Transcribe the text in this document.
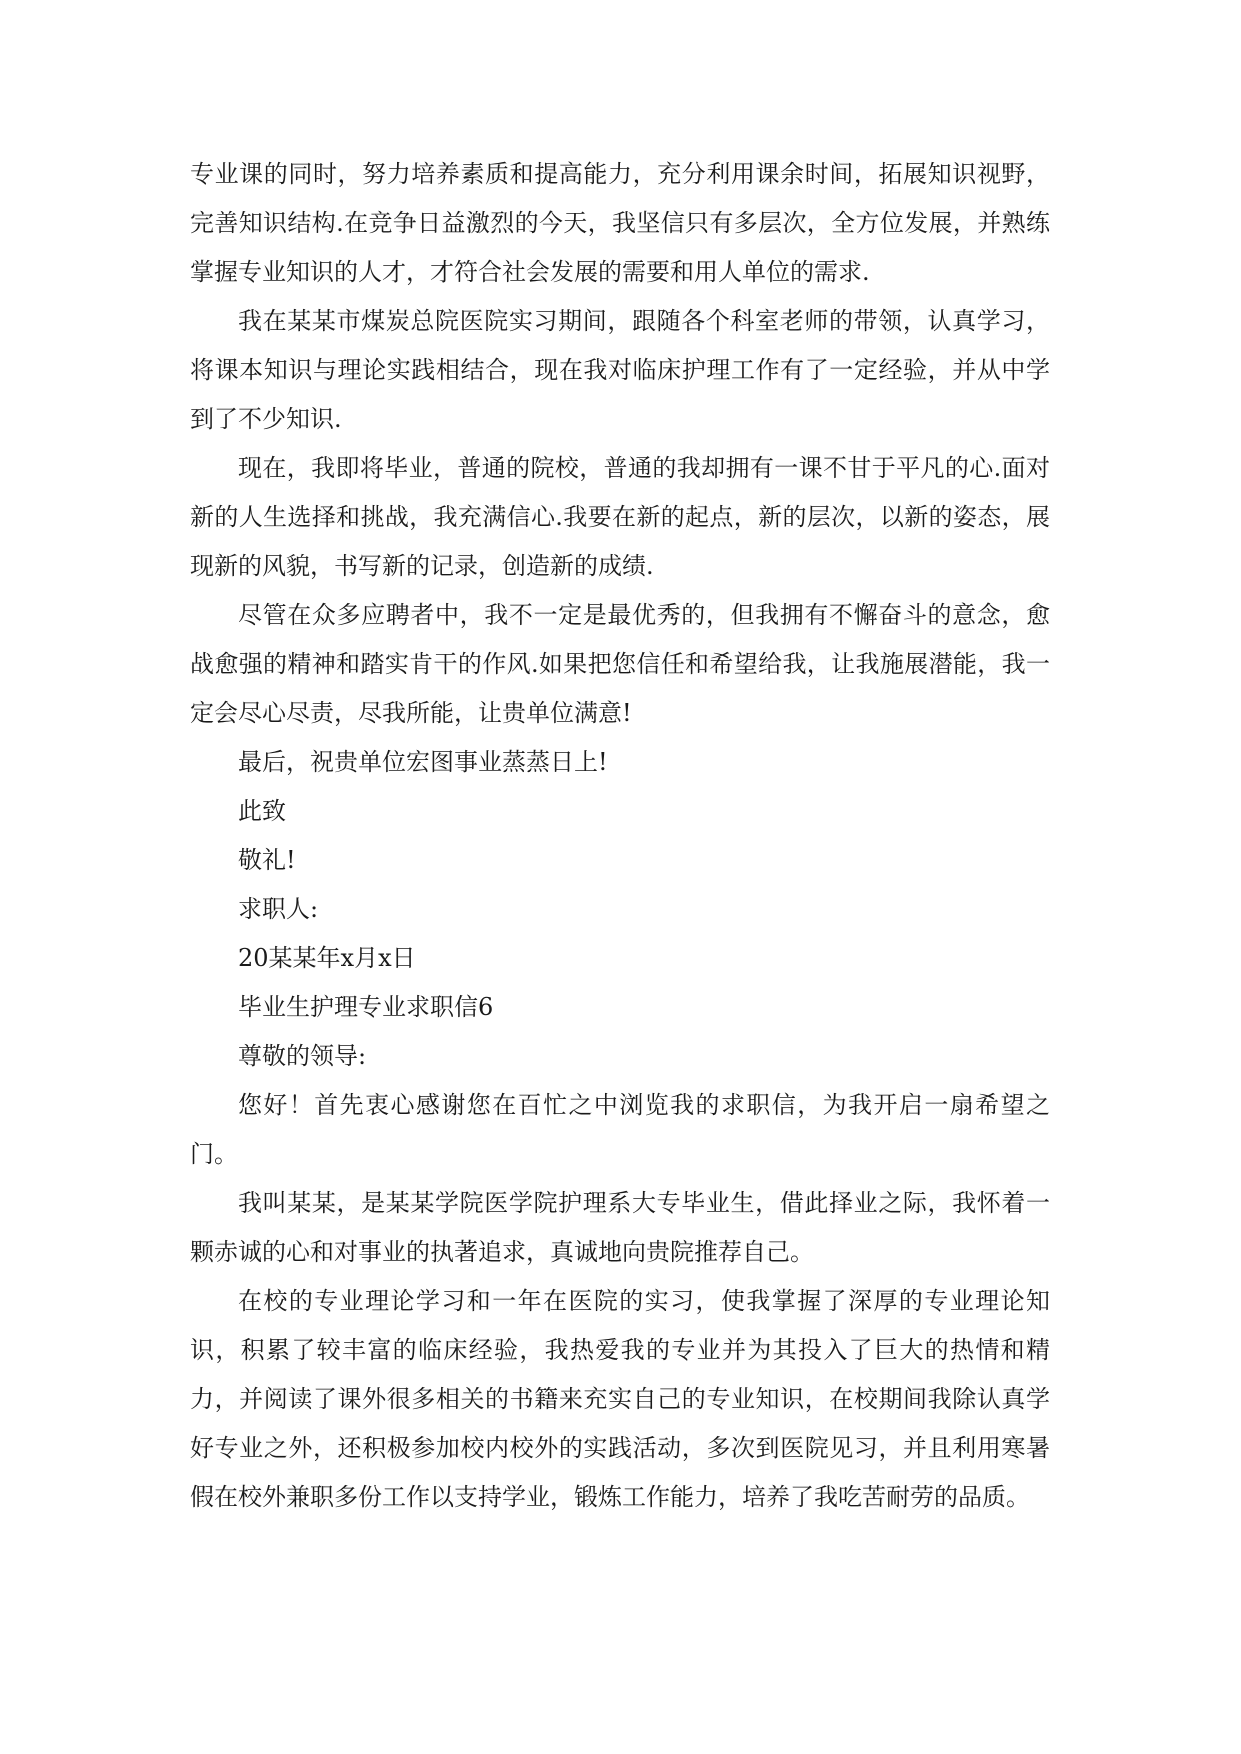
专业课的同时，努力培养素质和提高能力，充分利用课余时间，拓展知识视野，完善知识结构.在竞争日益激烈的今天，我坚信只有多层次，全方位发展，并熟练掌握专业知识的人才，才符合社会发展的需要和用人单位的需求.

我在某某市煤炭总院医院实习期间，跟随各个科室老师的带领，认真学习，将课本知识与理论实践相结合，现在我对临床护理工作有了一定经验，并从中学到了不少知识.

现在，我即将毕业，普通的院校，普通的我却拥有一课不甘于平凡的心.面对新的人生选择和挑战，我充满信心.我要在新的起点，新的层次，以新的姿态，展现新的风貌，书写新的记录，创造新的成绩.

尽管在众多应聘者中，我不一定是最优秀的，但我拥有不懈奋斗的意念，愈战愈强的精神和踏实肯干的作风.如果把您信任和希望给我，让我施展潜能，我一定会尽心尽责，尽我所能，让贵单位满意!

最后，祝贵单位宏图事业蒸蒸日上!

此致

敬礼!

求职人:

20某某年x月x日

毕业生护理专业求职信6

尊敬的领导:

您好！首先衷心感谢您在百忙之中浏览我的求职信，为我开启一扇希望之门。

我叫某某，是某某学院医学院护理系大专毕业生，借此择业之际，我怀着一颗赤诚的心和对事业的执著追求，真诚地向贵院推荐自己。

在校的专业理论学习和一年在医院的实习，使我掌握了深厚的专业理论知识，积累了较丰富的临床经验，我热爱我的专业并为其投入了巨大的热情和精力，并阅读了课外很多相关的书籍来充实自己的专业知识，在校期间我除认真学好专业之外，还积极参加校内校外的实践活动，多次到医院见习，并且利用寒暑假在校外兼职多份工作以支持学业，锻炼工作能力，培养了我吃苦耐劳的品质。
